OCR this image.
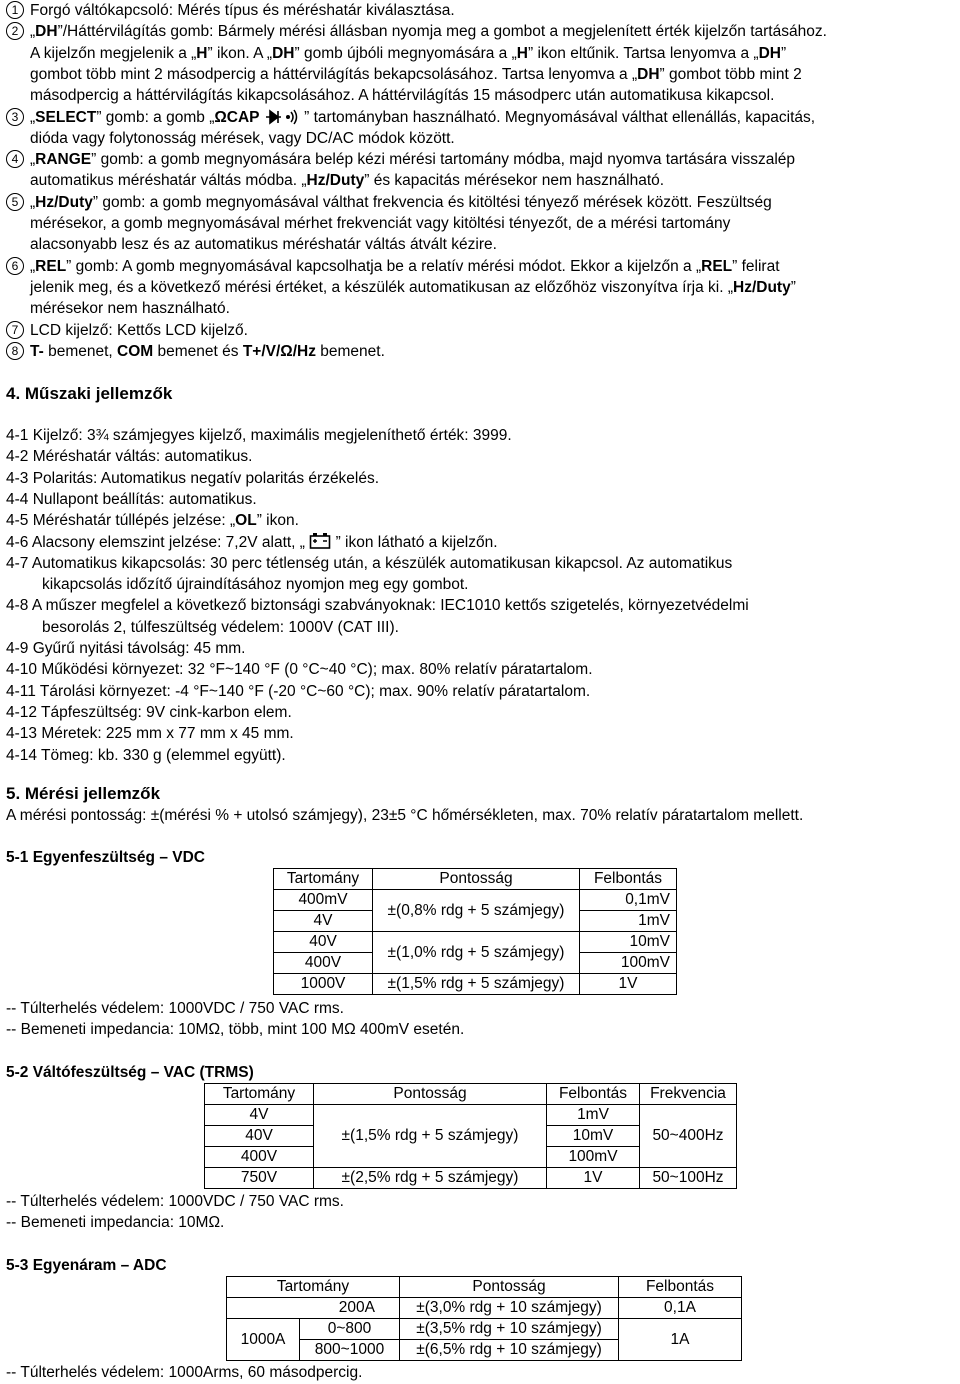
1 Forgó váltókapcsoló: Mérés típus és méréshatár kiválasztása.

2 „DH”/Háttérvilágítás gomb: Bármely mérési állásban nyomja meg a gombot a megjelenített érték kijelzőn tartásához.

A kijelzőn megjelenik a „H” ikon. A „DH” gomb újbóli megnyomására a „H” ikon eltűnik. Tartsa lenyomva a „DH”

gombot több mint 2 másodpercig a háttérvilágítás bekapcsolásához. Tartsa lenyomva a „DH” gombot több mint 2

másodpercig a háttérvilágítás kikapcsolásához. A háttérvilágítás 15 másodperc után automatikusa kikapcsol.

3 „SELECT” gomb: a gomb „ΩCAP	” tartományban használható. Megnyomásával válthat ellenállás, kapacitás,

dióda vagy folytonosság mérések, vagy DC/AC módok között.

4 „RANGE” gomb: a gomb megnyomására belép kézi mérési tartomány módba, majd nyomva tartására visszalép

automatikus méréshatár váltás módba. „Hz/Duty” és kapacitás mérésekor nem használható.

5 „Hz/Duty” gomb: a gomb megnyomásával válthat frekvencia és kitöltési tényező mérések között. Feszültség

mérésekor, a gomb megnyomásával mérhet frekvenciát vagy kitöltési tényezőt, de a mérési tartomány

alacsonyabb lesz és az automatikus méréshatár váltás átvált kézire.

6 „REL” gomb: A gomb megnyomásával kapcsolhatja be a relatív mérési módot. Ekkor a kijelzőn a „REL” felirat

jelenik meg, és a következő mérési értéket, a készülék automatikusan az előzőhöz viszonyítva írja ki. „Hz/Duty”

mérésekor nem használható.

7 LCD kijelző: Kettős LCD kijelző.

8 T- bemenet, COM bemenet és T+/V/Ω/Hz bemenet.

4. Műszaki jellemzők

4-1 Kijelző: 3¾ számjegyes kijelző, maximális megjeleníthető érték: 3999.

4-2 Méréshatár váltás: automatikus.

4-3 Polaritás: Automatikus negatív polaritás érzékelés.

4-4 Nullapont beállítás: automatikus.

4-5 Méréshatár túllépés jelzése: „OL” ikon.

4-6 Alacsony elemszint jelzése: 7,2V alatt, „  ” ikon látható a kijelzőn.

4-7 Automatikus kikapcsolás: 30 perc tétlenség után, a készülék automatikusan kikapcsol. Az automatikus

kikapcsolás időzítő újraindításához nyomjon meg egy gombot.

4-8 A műszer megfelel a következő biztonsági szabványoknak: IEC1010 kettős szigetelés, környezetvédelmi

besorolás 2, túlfeszültség védelem: 1000V (CAT III).

4-9 Gyűrű nyitási távolság: 45 mm.

4-10 Működési környezet: 32 °F~140 °F (0 °C~40 °C); max. 80% relatív páratartalom.

4-11 Tárolási környezet: -4 °F~140 °F (-20 °C~60 °C); max. 90% relatív páratartalom.

4-12 Tápfeszültség: 9V cink-karbon elem.

4-13 Méretek: 225 mm x 77 mm x 45 mm.

4-14 Tömeg: kb. 330 g (elemmel együtt).

5. Mérési jellemzők

A mérési pontosság: ±(mérési % + utolsó számjegy), 23±5 °C hőmérsékleten, max. 70% relatív páratartalom mellett.

5-1 Egyenfeszültség – VDC

Tartomány	Pontosság	Felbontás
400mV	±(0,8% rdg + 5 számjegy)	0,1mV
4V		1mV
40V	±(1,0% rdg + 5 számjegy)	10mV
400V		100mV
1000V	±(1,5% rdg + 5 számjegy)	1V

-- Túlterhelés védelem: 1000VDC / 750 VAC rms.

-- Bemeneti impedancia: 10MΩ, több, mint 100 MΩ 400mV esetén.

5-2 Váltófeszültség – VAC (TRMS)

Tartomány	Pontosság	Felbontás	Frekvencia
4V	±(1,5% rdg + 5 számjegy)	1mV	50~400Hz
40V		10mV	
400V		100mV	
750V	±(2,5% rdg + 5 számjegy)	1V	50~100Hz

-- Túlterhelés védelem: 1000VDC / 750 VAC rms.

-- Bemeneti impedancia: 10MΩ.

5-3 Egyenáram – ADC

Tartomány		Pontosság	Felbontás
200A		±(3,0% rdg + 10 számjegy)	0,1A
1000A	0~800	±(3,5% rdg + 10 számjegy)	1A
	800~1000	±(6,5% rdg + 10 számjegy)	

-- Túlterhelés védelem: 1000Arms, 60 másodpercig.
